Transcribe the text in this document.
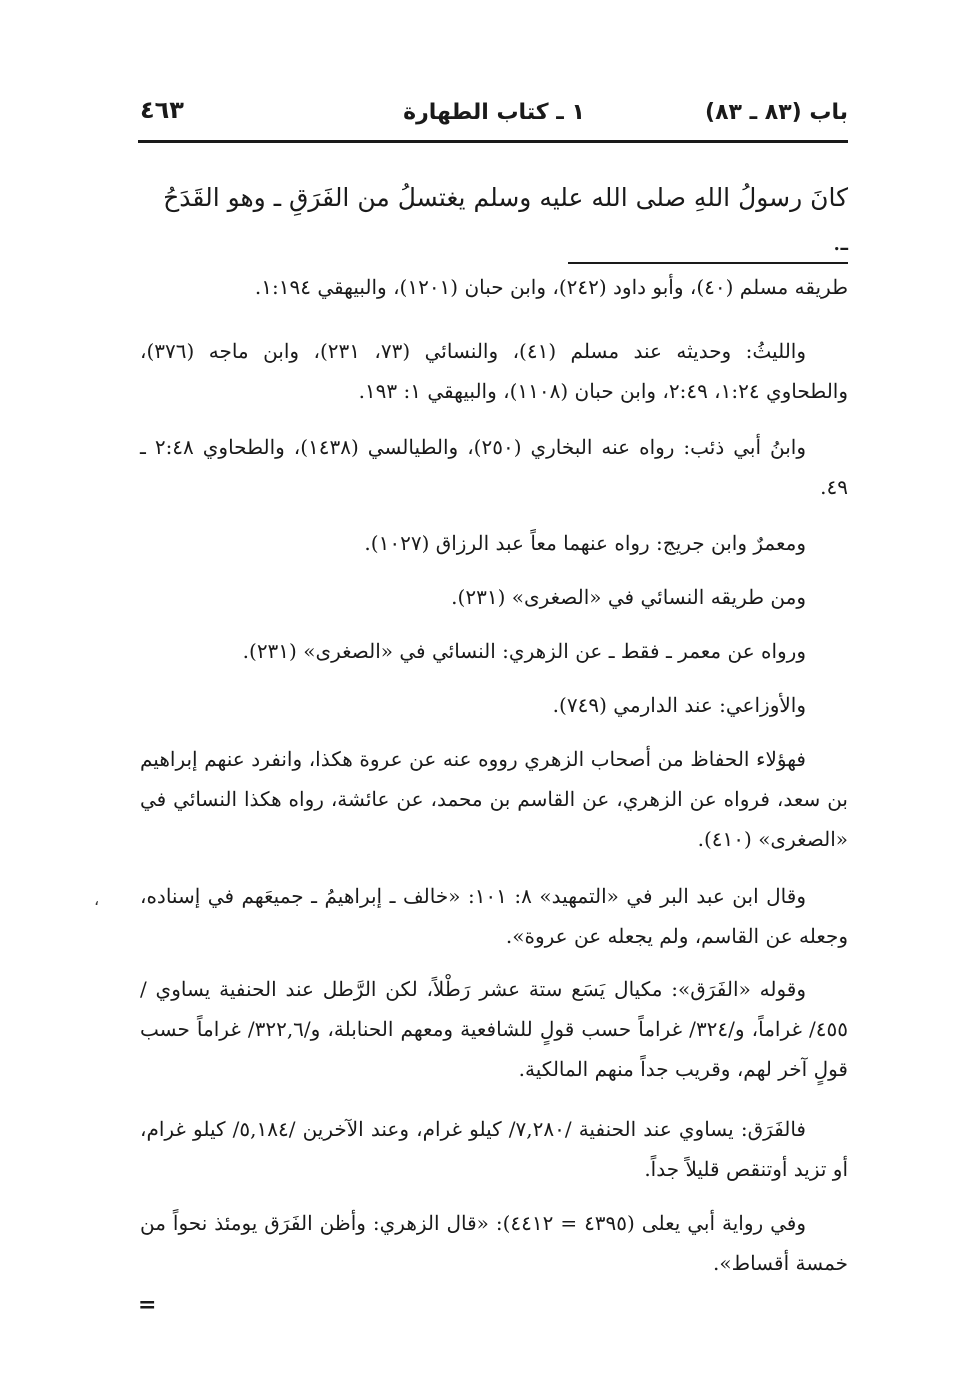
باب (٨٣ ـ ٨٣)
١ ـ كتاب الطهارة
٤٦٣
كانَ رسولُ اللهِ صلى الله عليه وسلم يغتسلُ من الفَرَقِ ـ وهو القَدَحُ ـ.

طريقه مسلم (٤٠)، وأبو داود (٢٤٢)، وابن حبان (١٢٠١)، والبيهقي ١:١٩٤.

والليثُ: وحديثه عند مسلم (٤١)، والنسائي (٧٣، ٢٣١)، وابن ماجه (٣٧٦)، والطحاوي ١:٢٤، ٢:٤٩، وابن حبان (١١٠٨)، والبيهقي ١: ١٩٣.

وابنُ أبي ذئب: رواه عنه البخاري (٢٥٠)، والطيالسي (١٤٣٨)، والطحاوي ٢:٤٨ ـ ٤٩.

ومعمرٌ وابن جريج: رواه عنهما معاً عبد الرزاق (١٠٢٧).

ومن طريقه النسائي في «الصغرى» (٢٣١).

ورواه عن معمر ـ فقط ـ عن الزهري: النسائي في «الصغرى» (٢٣١).

والأوزاعي: عند الدارمي (٧٤٩).

فهؤلاء الحفاظ من أصحاب الزهري رووه عنه عن عروة هكذا، وانفرد عنهم إبراهيم بن سعد، فرواه عن الزهري، عن القاسم بن محمد، عن عائشة، رواه هكذا النسائي في «الصغرى» (٤١٠).

وقال ابن عبد البر في «التمهيد» ٨: ١٠١: «خالف ـ إبراهيمُ ـ جميعَهم في إسناده، وجعله عن القاسم، ولم يجعله عن عروة».

وقوله «الفَرَق»: مكيال يَسَع ستة عشر رَطْلاً، لكن الرَّطل عند الحنفية يساوي /٤٥٥/ غراماً، و/٣٢٤/ غراماً حسب قولٍ للشافعية ومعهم الحنابلة، و/٣٢٢,٦/ غراماً حسب قولٍ آخر لهم، وقريب جداً منهم المالكية.

فالفَرَق: يساوي عند الحنفية /٧,٢٨٠/ كيلو غرام، وعند الآخرين /٥,١٨٤/ كيلو غرام، أو تزيد أوتنقص قليلاً جداً.

وفي رواية أبي يعلى (٤٣٩٥ = ٤٤١٢): «قال الزهري: وأظن الفَرَق يومئذ نحواً من خمسة أقساط».

،
=
